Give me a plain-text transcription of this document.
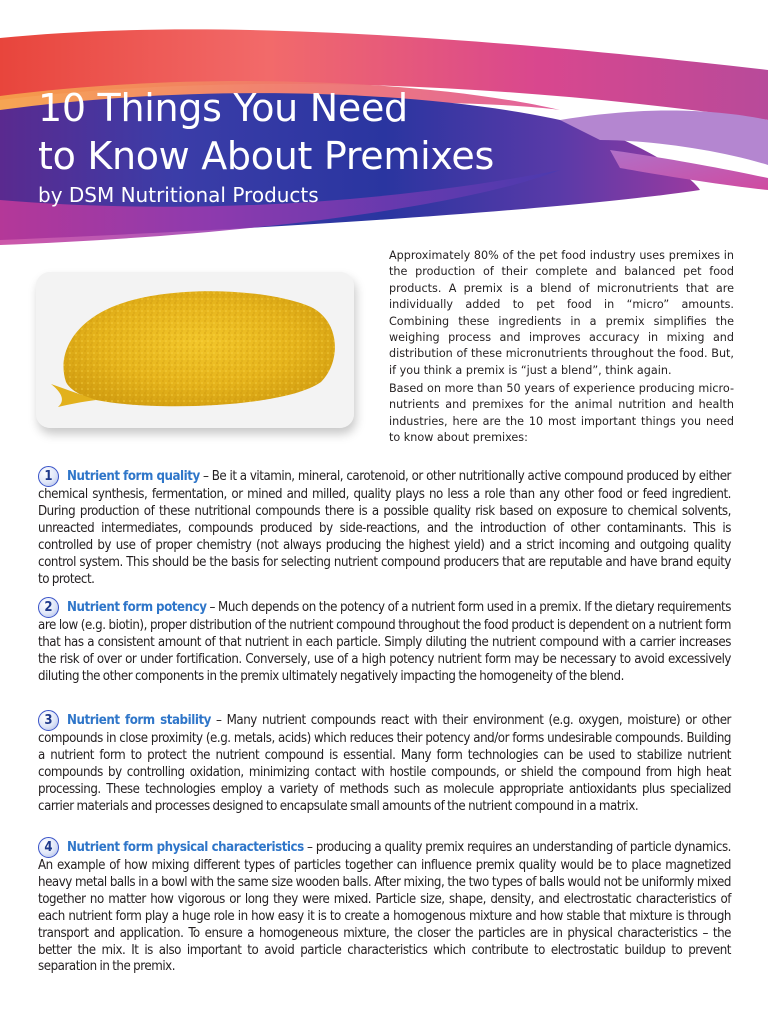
10 Things You Need
to Know About Premixes
by DSM Nutritional Products

Approximately 80% of the pet food industry uses premixes in the production of their complete and balanced pet food products. A premix is a blend of micronutrients that are individually added to pet food in “micro” amounts. Combining these ingredients in a premix simplifies the weighing process and improves accuracy in mixing and distribution of these micronutrients throughout the food. But, if you think a premix is “just a blend”, think again.

Based on more than 50 years of experience producing micro-nutrients and premixes for the animal nutrition and health industries, here are the 10 most important things you need to know about premixes:

1 Nutrient form quality – Be it a vitamin, mineral, carotenoid, or other nutritionally active compound produced by either chemical synthesis, fermentation, or mined and milled, quality plays no less a role than any other food or feed ingredient. During production of these nutritional compounds there is a possible quality risk based on exposure to chemical solvents, unreacted intermediates, compounds produced by side-reactions, and the introduction of other contaminants. This is controlled by use of proper chemistry (not always producing the highest yield) and a strict incoming and outgoing quality control system. This should be the basis for selecting nutrient compound producers that are reputable and have brand equity to protect.

2 Nutrient form potency – Much depends on the potency of a nutrient form used in a premix. If the dietary requirements are low (e.g. biotin), proper distribution of the nutrient compound throughout the food product is dependent on a nutrient form that has a consistent amount of that nutrient in each particle. Simply diluting the nutrient compound with a carrier increases the risk of over or under fortification. Conversely, use of a high potency nutrient form may be necessary to avoid excessively diluting the other components in the premix ultimately negatively impacting the homogeneity of the blend.

3 Nutrient form stability – Many nutrient compounds react with their environment (e.g. oxygen, moisture) or other compounds in close proximity (e.g. metals, acids) which reduces their potency and/or forms undesirable compounds. Building a nutrient form to protect the nutrient compound is essential. Many form technologies can be used to stabilize nutrient compounds by controlling oxidation, minimizing contact with hostile compounds, or shield the compound from high heat processing. These technologies employ a variety of methods such as molecule appropriate antioxidants plus specialized carrier materials and processes designed to encapsulate small amounts of the nutrient compound in a matrix.

4 Nutrient form physical characteristics – producing a quality premix requires an understanding of particle dynamics. An example of how mixing different types of particles together can influence premix quality would be to place magnetized heavy metal balls in a bowl with the same size wooden balls. After mixing, the two types of balls would not be uniformly mixed together no matter how vigorous or long they were mixed. Particle size, shape, density, and electrostatic characteristics of each nutrient form play a huge role in how easy it is to create a homogenous mixture and how stable that mixture is through transport and application. To ensure a homogeneous mixture, the closer the particles are in physical characteristics – the better the mix. It is also important to avoid particle characteristics which contribute to electrostatic buildup to prevent separation in the premix.
